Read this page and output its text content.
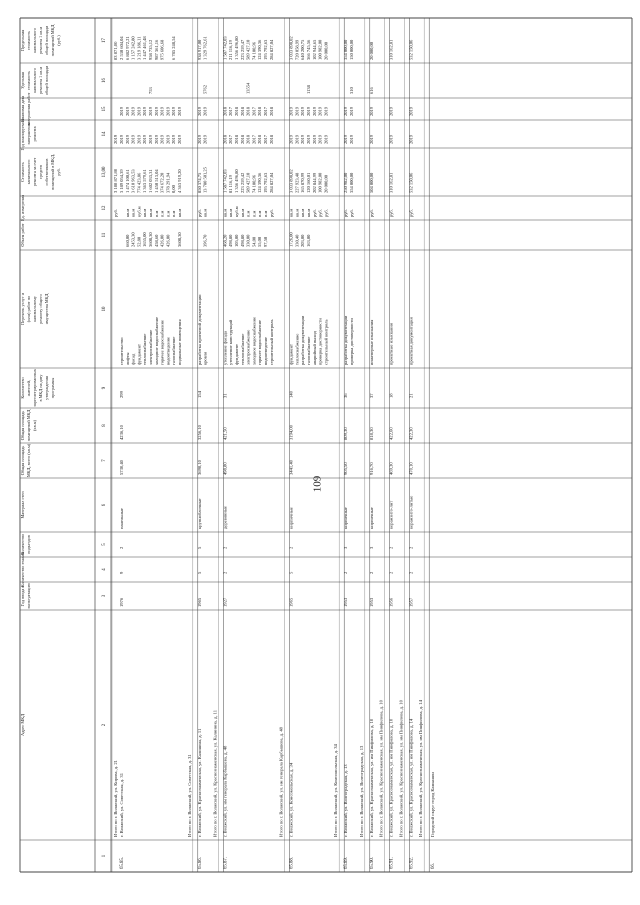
109
Адрес МКД
Год ввода в эксплуатацию
Количество этажей
Количество подъездов
Материал стен
Общая площадь МКД, всего (кв.м)
Общая площадь помещений МКД (кв.м)
Количество жителей, зарегистрированных в МКД на дату утверждения программы
Перечень услуг и (или) работ по капитальному ремонту общего имущества МКД
Объем работ
Ед. измерения
Стоимость капитального ремонта за счет средств собственников помещений в МКД, руб.
Год планируемого завершения ремонта
Плановая дата завершения работ
Удельная стоимость капитального ремонта 1 кв.м общей площади
Предельная стоимость капитального ремонта 1 кв.м общей площади помещений МКД (руб.)
1
2
3
4
5
6
7
8
9
10
11
12
13,00
14
15
16
17
Итого по г. Волжский, ул. Кирова, д. 21
руб.
3 188 871,80
2019
83 871,00
65.85.
г. Волжский, ул. Советская, д. 31
1976
9
2
панельные
5730,40
4236,10
299
строительство
3 189 054,39
2019
2019
2 530 604,04
лифты
660,00
кв.м
1 474 100,61
2019
2019
6 882 972,21
фасад
2453,30
кв.м
3 610 963,53
2019
2019
1 157 242,80
фундамент
52,80
куб.м
774 423,86
2019
2019
3 219 186,11
теплоснабжение
1655,00
кв.м
1 363 579,61
2019
2019
1 447 461,48
электроснабжение
3608,30
кв.м
1 602 033,31
2019
2019
958 735,12
холодное водоснабжение
458,60
п.м
1 450 513,04
2019
2019
987 361,16
горячее водоснабжение
426,00
п.м
374 672,20
2019
2019
975 606,68
водоотведение
426,00
п.м
378 291,94
2019
2019
газоснабжение
п.м
0,00
2019
2019
6 785 248,54
подвальные помещения
3608,30
кв.м
4 363 919,20
2019
2019
753
Итого по г. Волжский, ул. Советская, д. 31
65.86.
г. Волжский, ул. Краснознаменская, ул. Калинина, д. 11
1965
5
5
крупноблочные
3698,10
3256,10
154
разработка проектной документации
руб.
850 374,75
2019
2019
938 917,00
кровля
396,70
кв.м
13 780 501,25
2019
2019
1 329 762,61
5762
Итого по г. Волжский, ул. Краснознаменская, ул. Калинина, д. 11
65.87.
г. Волжский, ул. им генерала Карбышева, д. 48
1927
2
2
деревянные
498,80
421,50
31
утепление фасада
468,20
кв.м
1 587 742,03
2018
2018
1 587 742,03
утепление конструкций
498,80
кв.м
81 116,19
2017
2017
211 116,19
фундамент
105,00
куб.м
1 356 496,80
2018
2018
1 356 496,80
теплоснабжение
498,80
кв.м
223 259,42
2018
2018
223 259,47
электроснабжение
330,00
п.м
589 427,10
2018
2018
589 427,10
холодное водоснабжение
54,00
п.м
74 100,96
2017
2017
74 100,96
горячее водоснабжение
55,00
п.м
124 390,36
2018
2018
124 390,36
водоотведение
97,50
п.м
195 792,63
2017
2017
195 792,63
строительный контроль
руб.
284 827,04
2018
2018
284 827,04
13554
Итого по г. Волжский, ул. им генерала Карбышева, д. 48
65.88.
г. Волжский, ул. Комсомольская, д. 34
1965
5
2
кирпичные
3441,40
3194,00
140
фундамент
1726,00
кв.м
3 033 898,02
2019
2019
3 033 898,02
теплоснабжение
330,40
кв.м
227 923,48
2019
2019
720 058,99
разработка документации
203,00
кв.м
165 870,99
2019
2019
640 200,75
газоснабжение
163,00
кв.м
120 160,01
2019
2019
366 745,56
аварийный выход
руб.
202 844,99
2019
2019
102 944,65
проверка достоверности
руб.
100 982,00
2019
2019
100 982,00
строительный контроль
руб.
20 000,00
2019
2019
20 000,00
1138
Итого по г. Волжский, ул. Комсомольская, д. 34
65.89.
г. Волжский, ул. Волгоградская, д. 13
1953
2
3
кирпичные
905,50
809,30
36
разработка документации
руб.
250 982,00
2019
2019
354 000,00
проверка достоверности
руб.
354 000,00
2019
2019
150 000,00
310
Итого по г. Волжский, ул. Волгоградская, д. 13
65.90.
г. Волжский, ул. Краснознаменская, ул. им Пинфилова, д. 10
1953
2
3
кирпичные
916,70
818,30
37
инженерные изыскания
руб.
504 000,00
2019
2019
20 000,00
616
Итого по г. Волжский, ул. Краснознаменская, ул. им Пинфилова, д. 10
65.91.
г. Волжский, ул. Краснознаменская, ул. им Пинфилова, д. 10
1956
2
2
керамзито-лит
469,30
422,60
18
проектные изыскания
руб.
310 162,81
2019
2019
310 162,81
Итого по г. Волжский, ул. Краснознаменская, ул. им Пинфилова, д. 10
65.92.
г. Волжский, ул. Краснознаменская, ул. им Пинфилова, д. 14
1957
2
2
керамзито-литые
470,10
422,30
21
проектная документация
руб.
532 150,06
2019
2019
532 150,06
Итого по г. Волжский, ул. Краснознаменская, ул. им Пинфилова, д. 14
66.
Городской округ город Камышин
